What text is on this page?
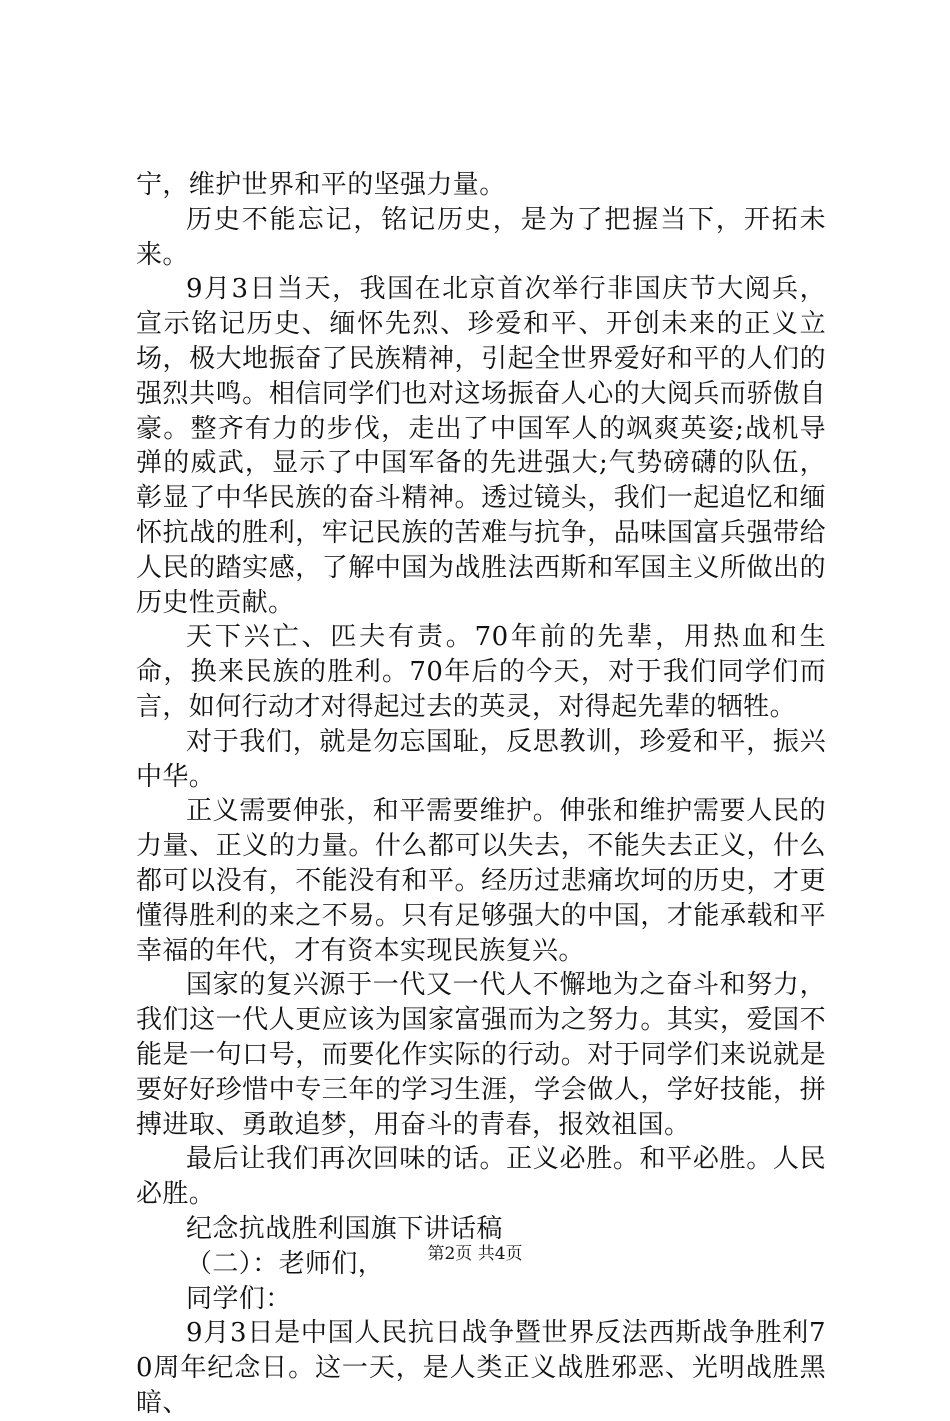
宁，维护世界和平的坚强力量。

历史不能忘记，铭记历史，是为了把握当下，开拓未来。

9月3日当天，我国在北京首次举行非国庆节大阅兵，宣示铭记历史、缅怀先烈、珍爱和平、开创未来的正义立场，极大地振奋了民族精神，引起全世界爱好和平的人们的强烈共鸣。相信同学们也对这场振奋人心的大阅兵而骄傲自豪。整齐有力的步伐，走出了中国军人的飒爽英姿;战机导弹的威武，显示了中国军备的先进强大;气势磅礴的队伍，彰显了中华民族的奋斗精神。透过镜头，我们一起追忆和缅怀抗战的胜利，牢记民族的苦难与抗争，品味国富兵强带给人民的踏实感，了解中国为战胜法西斯和军国主义所做出的历史性贡献。

天下兴亡、匹夫有责。70年前的先辈，用热血和生命，换来民族的胜利。70年后的今天，对于我们同学们而言，如何行动才对得起过去的英灵，对得起先辈的牺牲。

对于我们，就是勿忘国耻，反思教训，珍爱和平，振兴中华。

正义需要伸张，和平需要维护。伸张和维护需要人民的力量、正义的力量。什么都可以失去，不能失去正义，什么都可以没有，不能没有和平。经历过悲痛坎坷的历史，才更懂得胜利的来之不易。只有足够强大的中国，才能承载和平幸福的年代，才有资本实现民族复兴。

国家的复兴源于一代又一代人不懈地为之奋斗和努力，我们这一代人更应该为国家富强而为之努力。其实，爱国不能是一句口号，而要化作实际的行动。对于同学们来说就是要好好珍惜中专三年的学习生涯，学会做人，学好技能，拼搏进取、勇敢追梦，用奋斗的青春，报效祖国。

最后让我们再次回味的话。正义必胜。和平必胜。人民必胜。

纪念抗战胜利国旗下讲话稿

（二）：老师们，

同学们：

9月3日是中国人民抗日战争暨世界反法西斯战争胜利70周年纪念日。这一天，是人类正义战胜邪恶、光明战胜黑暗、

第2页 共4页
